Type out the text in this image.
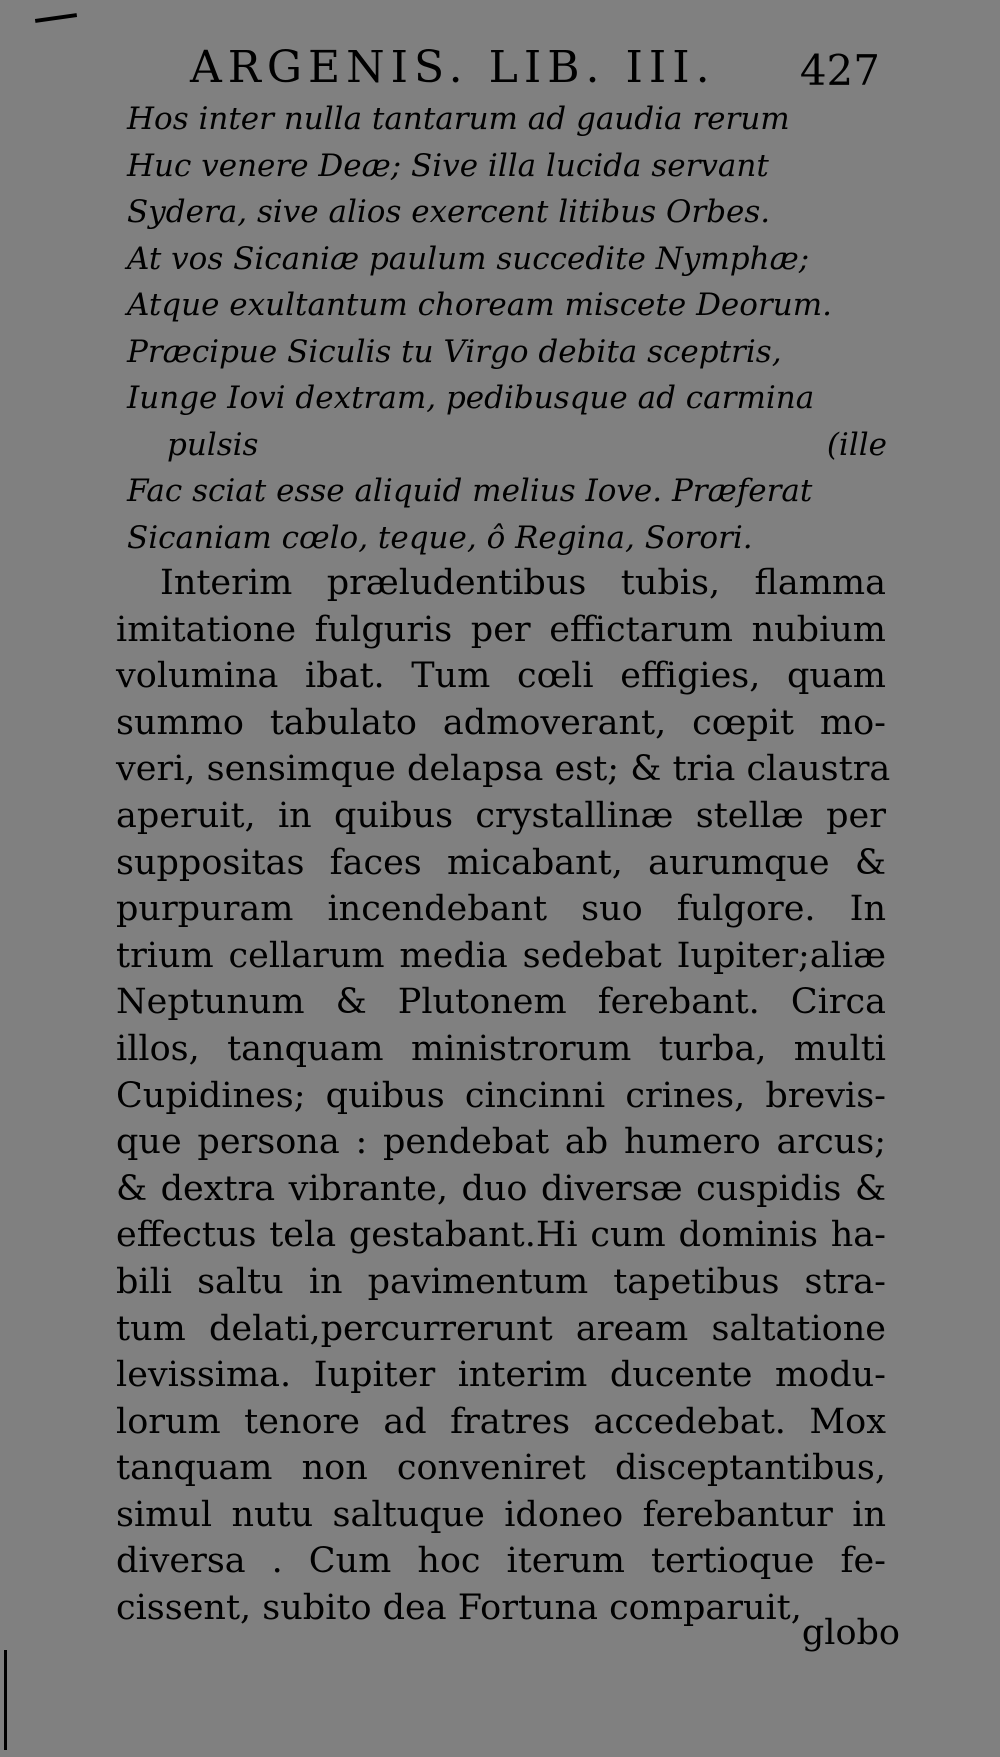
ARGENIS. LIB. III. 427
Hos inter nulla tantarum ad gaudia rerum
Huc venere Deæ; Sive illa lucida servant
Sydera, sive alios exercent litibus Orbes.
At vos Sicaniæ paulum succedite Nymphæ;
Atque exultantum choream miscete Deorum.
Præcipue Siculis tu Virgo debita sceptris,
Iunge Iovi dextram, pedibusque ad carmina
pulsis	(ille
Fac sciat esse aliquid melius Iove. Præferat
Sicaniam cœlo, teque, ô Regina, Sorori.
Interim præludentibus tubis, flamma
imitatione fulguris per effictarum nubium
volumina ibat. Tum cœli effigies, quam
summo tabulato admoverant, cœpit mo-
veri, sensimque delapsa est; & tria claustra
aperuit, in quibus crystallinæ stellæ per
suppositas faces micabant, aurumque &
purpuram incendebant suo fulgore. In
trium cellarum media sedebat Iupiter;aliæ
Neptunum & Plutonem ferebant. Circa
illos, tanquam ministrorum turba, multi
Cupidines; quibus cincinni crines, brevis-
que persona : pendebat ab humero arcus;
& dextra vibrante, duo diversæ cuspidis &
effectus tela gestabant.Hi cum dominis ha-
bili saltu in pavimentum tapetibus stra-
tum delati,percurrerunt aream saltatione
levissima. Iupiter interim ducente modu-
lorum tenore ad fratres accedebat. Mox
tanquam non conveniret disceptantibus,
simul nutu saltuque idoneo ferebantur in
diversa . Cum hoc iterum tertioque fe-
cissent, subito dea Fortuna comparuit,
globo
